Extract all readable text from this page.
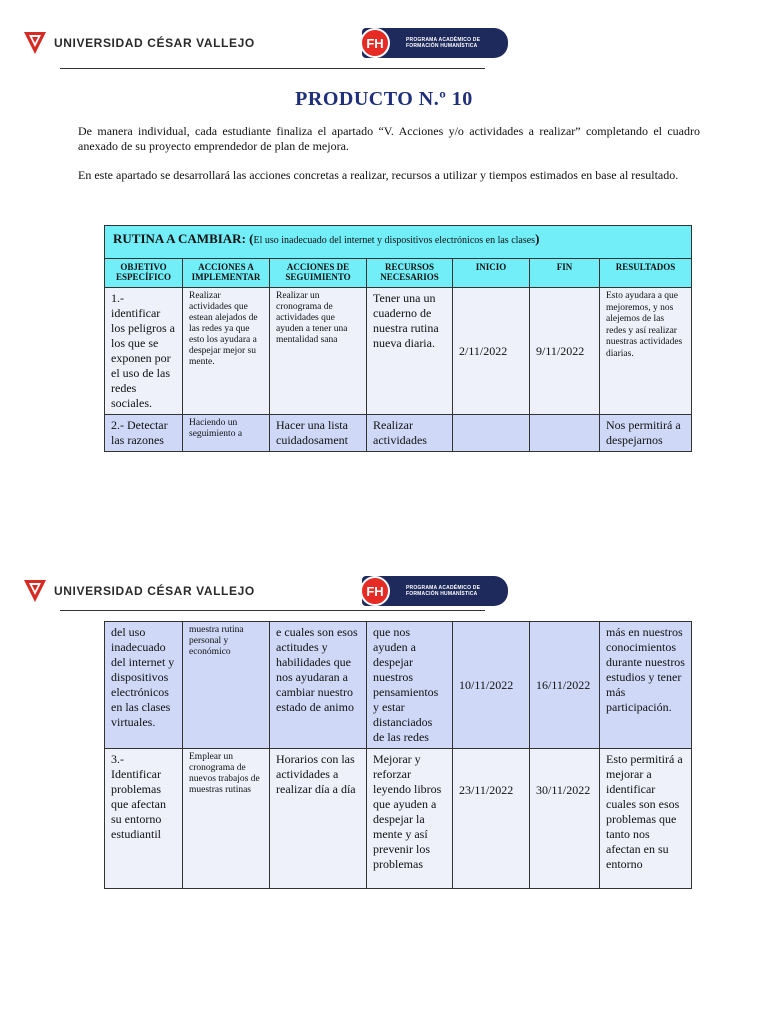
UNIVERSIDAD CÉSAR VALLEJO	FH	PROGRAMA ACADÉMICO DE
FORMACIÓN HUMANÍSTICA
PRODUCTO N.º 10
De manera individual, cada estudiante finaliza el apartado “V. Acciones y/o actividades a realizar” completando el cuadro anexado de su proyecto emprendedor de plan de mejora.
En este apartado se desarrollará las acciones concretas a realizar, recursos a utilizar y tiempos estimados en base al resultado.
RUTINA A CAMBIAR: (El uso inadecuado del internet y dispositivos electrónicos en las clases)						
OBJETIVO ESPECÍFICO	ACCIONES A IMPLEMENTAR	ACCIONES DE SEGUIMIENTO	RECURSOS NECESARIOS	INICIO	FIN	RESULTADOS
1.- identificar los peligros a los que se exponen por el uso de las redes sociales.	Realizar actividades que estean alejados de las redes ya que esto los ayudara a despejar mejor su mente.	Realizar un cronograma de actividades que ayuden a tener una mentalidad sana	Tener una un cuaderno de nuestra rutina nueva diaria.	2/11/2022	9/11/2022	Esto ayudara a que mejoremos, y nos alejemos de las redes y así realizar nuestras actividades diarias.
2.- Detectar las razones	Haciendo un seguimiento a	Hacer una lista cuidadosament	Realizar actividades			Nos permitirá a despejarnos
UNIVERSIDAD CÉSAR VALLEJO	FH	PROGRAMA ACADÉMICO DE
FORMACIÓN HUMANÍSTICA
del uso inadecuado del internet y dispositivos electrónicos en las clases virtuales.	muestra rutina personal y económico	e cuales son esos actitudes y habilidades que nos ayudaran a cambiar nuestro estado de animo	que nos ayuden a despejar nuestros pensamientos y estar distanciados de las redes	10/11/2022	16/11/2022	más en nuestros conocimientos durante nuestros estudios y tener más participación.
3.- Identificar problemas que afectan su entorno estudiantil	Emplear un cronograma de nuevos trabajos de muestras rutinas	Horarios con las actividades a realizar día a día	Mejorar y reforzar leyendo libros que ayuden a despejar la mente y así prevenir los problemas	23/11/2022	30/11/2022	Esto permitirá a mejorar a identificar cuales son esos problemas que tanto nos afectan en su entorno
